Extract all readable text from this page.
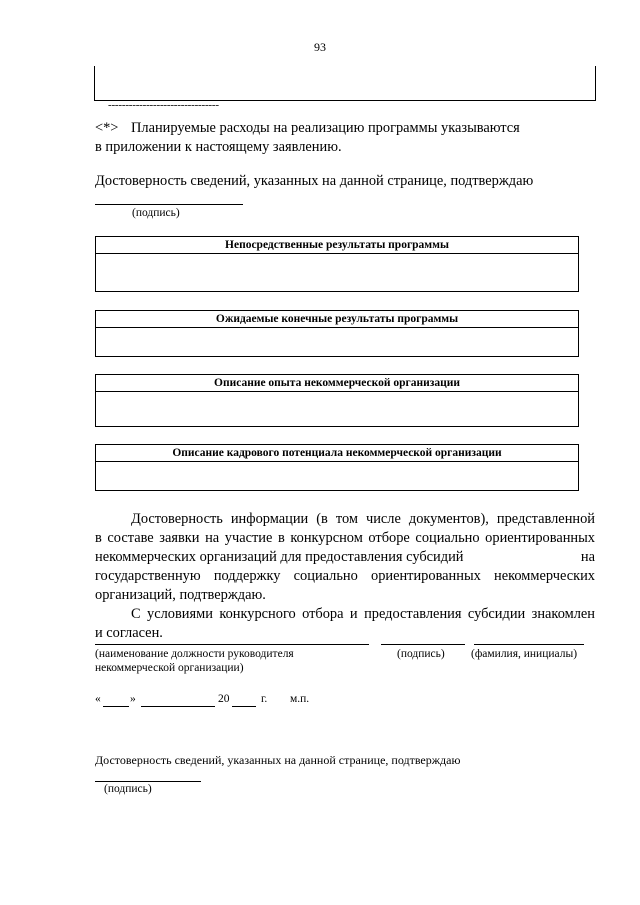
93
--------------------------------
<*> Планируемые расходы на реализацию программы указываются
в приложении к настоящему заявлению.
Достоверность сведений, указанных на данной странице, подтверждаю
(подпись)
Непосредственные результаты программы
Ожидаемые конечные результаты программы
Описание опыта некоммерческой организации
Описание кадрового потенциала некоммерческой организации

Достоверность информации (в том числе документов), представленной

в составе заявки на участие в конкурсном отборе социально ориентированных
некоммерческих организаций для предоставления субсидий	на
государственную поддержку социально ориентированных некоммерческих
организаций, подтверждаю.

С условиями конкурсного отбора и предоставления субсидии знакомлен

и согласен.
(наименование должности руководителя
некоммерческой организации)
(подпись) (фамилия, инициалы)
«	»	20	г. м.п.
Достоверность сведений, указанных на данной странице, подтверждаю
(подпись)
